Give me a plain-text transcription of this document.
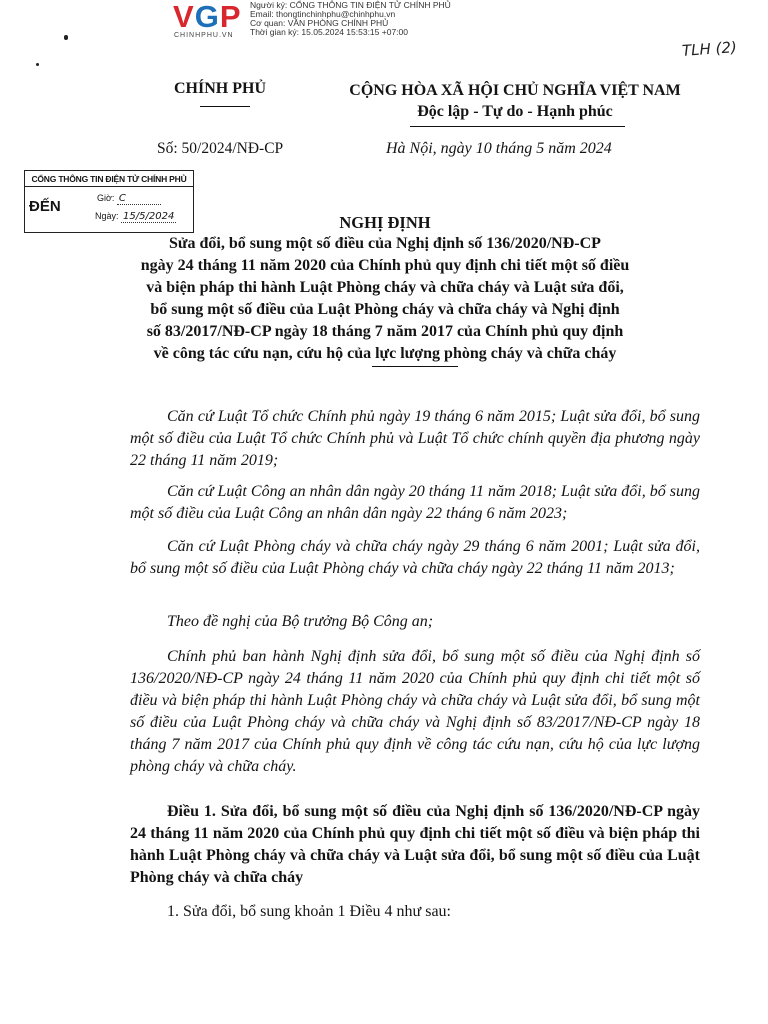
VGP
CHINHPHU.VN
Người ký: CỔNG THÔNG TIN ĐIỆN TỬ CHÍNH PHỦ
Email: thongtinchinhphu@chinhphu.vn
Cơ quan: VĂN PHÒNG CHÍNH PHỦ
Thời gian ký: 15.05.2024 15:53:15 +07:00
TLH (2)
CHÍNH PHỦ	CỘNG HÒA XÃ HỘI CHỦ NGHĨA VIỆT NAM
Độc lập - Tự do - Hạnh phúc
Số: 50/2024/NĐ-CP	Hà Nội, ngày 10 tháng 5 năm 2024
CỔNG THÔNG TIN ĐIỆN TỬ CHÍNH PHỦ
ĐẾN	Giờ: C
Ngày: 15/5/2024	NGHỊ ĐỊNH
Sửa đổi, bổ sung một số điều của Nghị định số 136/2020/NĐ-CP
ngày 24 tháng 11 năm 2020 của Chính phủ quy định chi tiết một số điều
và biện pháp thi hành Luật Phòng cháy và chữa cháy và Luật sửa đổi,
bổ sung một số điều của Luật Phòng cháy và chữa cháy và Nghị định
số 83/2017/NĐ-CP ngày 18 tháng 7 năm 2017 của Chính phủ quy định
về công tác cứu nạn, cứu hộ của lực lượng phòng cháy và chữa cháy
Căn cứ Luật Tổ chức Chính phủ ngày 19 tháng 6 năm 2015; Luật sửa đổi, bổ sung một số điều của Luật Tổ chức Chính phủ và Luật Tổ chức chính quyền địa phương ngày 22 tháng 11 năm 2019;
Căn cứ Luật Công an nhân dân ngày 20 tháng 11 năm 2018; Luật sửa đổi, bổ sung một số điều của Luật Công an nhân dân ngày 22 tháng 6 năm 2023;
Căn cứ Luật Phòng cháy và chữa cháy ngày 29 tháng 6 năm 2001; Luật sửa đổi, bổ sung một số điều của Luật Phòng cháy và chữa cháy ngày 22 tháng 11 năm 2013;
Theo đề nghị của Bộ trưởng Bộ Công an;
Chính phủ ban hành Nghị định sửa đổi, bổ sung một số điều của Nghị định số 136/2020/NĐ-CP ngày 24 tháng 11 năm 2020 của Chính phủ quy định chi tiết một số điều và biện pháp thi hành Luật Phòng cháy và chữa cháy và Luật sửa đổi, bổ sung một số điều của Luật Phòng cháy và chữa cháy và Nghị định số 83/2017/NĐ-CP ngày 18 tháng 7 năm 2017 của Chính phủ quy định về công tác cứu nạn, cứu hộ của lực lượng phòng cháy và chữa cháy.
Điều 1. Sửa đổi, bổ sung một số điều của Nghị định số 136/2020/NĐ-CP ngày 24 tháng 11 năm 2020 của Chính phủ quy định chi tiết một số điều và biện pháp thi hành Luật Phòng cháy và chữa cháy và Luật sửa đổi, bổ sung một số điều của Luật Phòng cháy và chữa cháy
1. Sửa đổi, bổ sung khoản 1 Điều 4 như sau:
